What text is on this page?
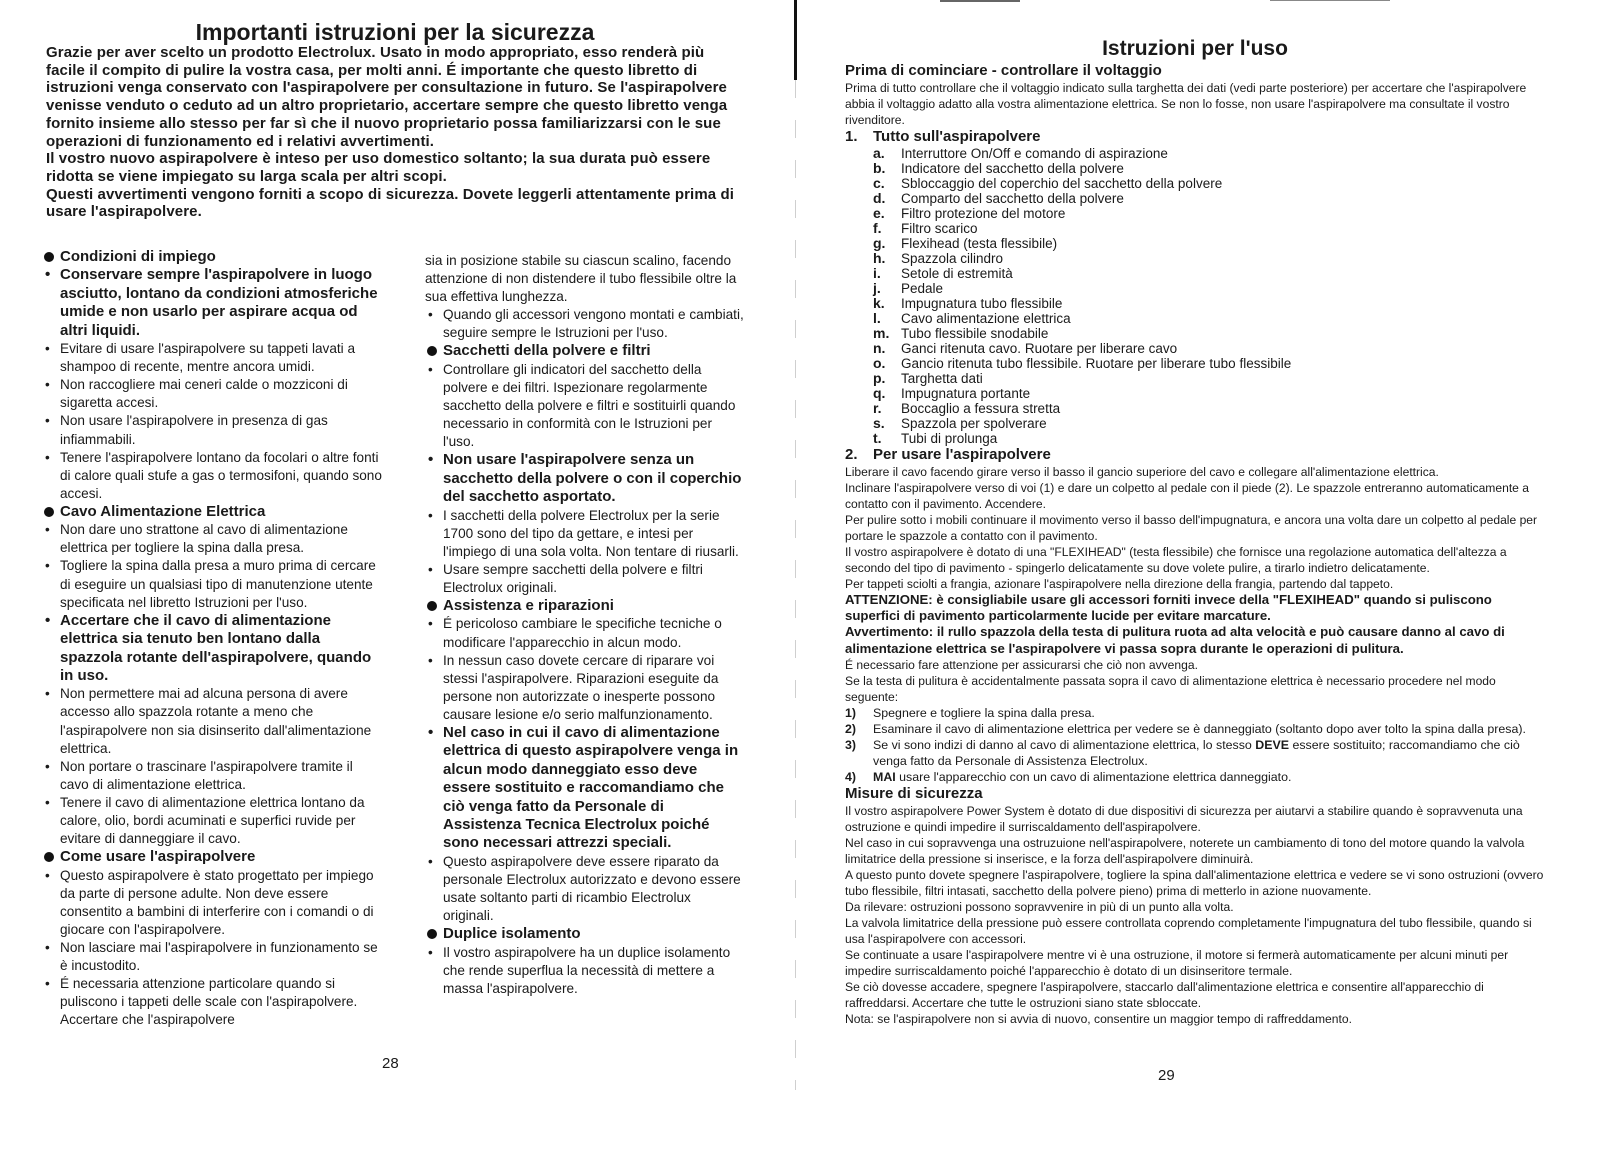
Importanti istruzioni per la sicurezza

Grazie per aver scelto un prodotto Electrolux. Usato in modo appropriato, esso renderà più facile il compito di pulire la vostra casa, per molti anni. É importante che questo libretto di istruzioni venga conservato con l'aspirapolvere per consultazione in futuro. Se l'aspirapolvere venisse venduto o ceduto ad un altro proprietario, accertare sempre che questo libretto venga fornito insieme allo stesso per far sì che il nuovo proprietario possa familiarizzarsi con le sue operazioni di funzionamento ed i relativi avvertimenti.

Il vostro nuovo aspirapolvere è inteso per uso domestico soltanto; la sua durata può essere ridotta se viene impiegato su larga scala per altri scopi.

Questi avvertimenti vengono forniti a scopo di sicurezza. Dovete leggerli attentamente prima di usare l'aspirapolvere.

Condizioni di impiego
• Conservare sempre l'aspirapolvere in luogo asciutto, lontano da condizioni atmosferiche umide e non usarlo per aspirare acqua od altri liquidi.
• Evitare di usare l'aspirapolvere su tappeti lavati a shampoo di recente, mentre ancora umidi.
• Non raccogliere mai ceneri calde o mozziconi di sigaretta accesi.
• Non usare l'aspirapolvere in presenza di gas infiammabili.
• Tenere l'aspirapolvere lontano da focolari o altre fonti di calore quali stufe a gas o termosifoni, quando sono accesi.
Cavo Alimentazione Elettrica
• Non dare uno strattone al cavo di alimentazione elettrica per togliere la spina dalla presa.
• Togliere la spina dalla presa a muro prima di cercare di eseguire un qualsiasi tipo di manutenzione utente specificata nel libretto Istruzioni per l'uso.
• Accertare che il cavo di alimentazione elettrica sia tenuto ben lontano dalla spazzola rotante dell'aspirapolvere, quando in uso.
• Non permettere mai ad alcuna persona di avere accesso allo spazzola rotante a meno che l'aspirapolvere non sia disinserito dall'alimentazione elettrica.
• Non portare o trascinare l'aspirapolvere tramite il cavo di alimentazione elettrica.
• Tenere il cavo di alimentazione elettrica lontano da calore, olio, bordi acuminati e superfici ruvide per evitare di danneggiare il cavo.
Come usare l'aspirapolvere
• Questo aspirapolvere è stato progettato per impiego da parte di persone adulte. Non deve essere consentito a bambini di interferire con i comandi o di giocare con l'aspirapolvere.
• Non lasciare mai l'aspirapolvere in funzionamento se è incustodito.
• É necessaria attenzione particolare quando si puliscono i tappeti delle scale con l'aspirapolvere. Accertare che l'aspirapolvere
sia in posizione stabile su ciascun scalino, facendo attenzione di non distendere il tubo flessibile oltre la sua effettiva lunghezza.
• Quando gli accessori vengono montati e cambiati, seguire sempre le Istruzioni per l'uso.
Sacchetti della polvere e filtri
• Controllare gli indicatori del sacchetto della polvere e dei filtri. Ispezionare regolarmente sacchetto della polvere e filtri e sostituirli quando necessario in conformità con le Istruzioni per l'uso.
• Non usare l'aspirapolvere senza un sacchetto della polvere o con il coperchio del sacchetto asportato.
• I sacchetti della polvere Electrolux per la serie 1700 sono del tipo da gettare, e intesi per l'impiego di una sola volta. Non tentare di riusarli.
• Usare sempre sacchetti della polvere e filtri Electrolux originali.
Assistenza e riparazioni
• É pericoloso cambiare le specifiche tecniche o modificare l'apparecchio in alcun modo.
• In nessun caso dovete cercare di riparare voi stessi l'aspirapolvere. Riparazioni eseguite da persone non autorizzate o inesperte possono causare lesione e/o serio malfunzionamento.
• Nel caso in cui il cavo di alimentazione elettrica di questo aspirapolvere venga in alcun modo danneggiato esso deve essere sostituito e raccomandiamo che ciò venga fatto da Personale di Assistenza Tecnica Electrolux poiché sono necessari attrezzi speciali.
• Questo aspirapolvere deve essere riparato da personale Electrolux autorizzato e devono essere usate soltanto parti di ricambio Electrolux originali.
Duplice isolamento
• Il vostro aspirapolvere ha un duplice isolamento che rende superflua la necessità di mettere a massa l'aspirapolvere.
28
Istruzioni per l'uso
Prima di cominciare - controllare il voltaggio

Prima di tutto controllare che il voltaggio indicato sulla targhetta dei dati (vedi parte posteriore) per accertare che l'aspirapolvere abbia il voltaggio adatto alla vostra alimentazione elettrica. Se non lo fosse, non usare l'aspirapolvere ma consultate il vostro rivenditore.

1. Tutto sull'aspirapolvere
a. Interruttore On/Off e comando di aspirazione
b. Indicatore del sacchetto della polvere
c. Sbloccaggio del coperchio del sacchetto della polvere
d. Comparto del sacchetto della polvere
e. Filtro protezione del motore
f. Filtro scarico
g. Flexihead (testa flessibile)
h. Spazzola cilindro
i. Setole di estremità
j. Pedale
k. Impugnatura tubo flessibile
l. Cavo alimentazione elettrica
m. Tubo flessibile snodabile
n. Ganci ritenuta cavo. Ruotare per liberare cavo
o. Gancio ritenuta tubo flessibile. Ruotare per liberare tubo flessibile
p. Targhetta dati
q. Impugnatura portante
r. Boccaglio a fessura stretta
s. Spazzola per spolverare
t. Tubi di prolunga
2. Per usare l'aspirapolvere

Liberare il cavo facendo girare verso il basso il gancio superiore del cavo e collegare all'alimentazione elettrica.

Inclinare l'aspirapolvere verso di voi (1) e dare un colpetto al pedale con il piede (2). Le spazzole entreranno automaticamente a contatto con il pavimento. Accendere.

Per pulire sotto i mobili continuare il movimento verso il basso dell'impugnatura, e ancora una volta dare un colpetto al pedale per portare le spazzole a contatto con il pavimento.

Il vostro aspirapolvere è dotato di una "FLEXIHEAD" (testa flessibile) che fornisce una regolazione automatica dell'altezza a secondo del tipo di pavimento - spingerlo delicatamente su dove volete pulire, a tirarlo indietro delicatamente.

Per tappeti sciolti a frangia, azionare l'aspirapolvere nella direzione della frangia, partendo dal tappeto.

ATTENZIONE: è consigliabile usare gli accessori forniti invece della "FLEXIHEAD" quando si puliscono superfici di pavimento particolarmente lucide per evitare marcature.

Avvertimento: il rullo spazzola della testa di pulitura ruota ad alta velocità e può causare danno al cavo di alimentazione elettrica se l'aspirapolvere vi passa sopra durante le operazioni di pulitura.

É necessario fare attenzione per assicurarsi che ciò non avvenga.

Se la testa di pulitura è accidentalmente passata sopra il cavo di alimentazione elettrica è necessario procedere nel modo seguente:

1) Spegnere e togliere la spina dalla presa.
2) Esaminare il cavo di alimentazione elettrica per vedere se è danneggiato (soltanto dopo aver tolto la spina dalla presa).
3) Se vi sono indizi di danno al cavo di alimentazione elettrica, lo stesso DEVE essere sostituito; raccomandiamo che ciò venga fatto da Personale di Assistenza Electrolux.
4) MAI usare l'apparecchio con un cavo di alimentazione elettrica danneggiato.
Misure di sicurezza

Il vostro aspirapolvere Power System è dotato di due dispositivi di sicurezza per aiutarvi a stabilire quando è sopravvenuta una ostruzione e quindi impedire il surriscaldamento dell'aspirapolvere.

Nel caso in cui sopravvenga una ostruzuione nell'aspirapolvere, noterete un cambiamento di tono del motore quando la valvola limitatrice della pressione si inserisce, e la forza dell'aspirapolvere diminuirà.

A questo punto dovete spegnere l'aspirapolvere, togliere la spina dall'alimentazione elettrica e vedere se vi sono ostruzioni (ovvero tubo flessibile, filtri intasati, sacchetto della polvere pieno) prima di metterlo in azione nuovamente.

Da rilevare: ostruzioni possono sopravvenire in più di un punto alla volta.

La valvola limitatrice della pressione può essere controllata coprendo completamente l'impugnatura del tubo flessibile, quando si usa l'aspirapolvere con accessori.

Se continuate a usare l'aspirapolvere mentre vi è una ostruzione, il motore si fermerà automaticamente per alcuni minuti per impedire surriscaldamento poiché l'apparecchio è dotato di un disinseritore termale.

Se ciò dovesse accadere, spegnere l'aspirapolvere, staccarlo dall'alimentazione elettrica e consentire all'apparecchio di raffreddarsi. Accertare che tutte le ostruzioni siano state sbloccate.

Nota: se l'aspirapolvere non si avvia di nuovo, consentire un maggior tempo di raffreddamento.

29
